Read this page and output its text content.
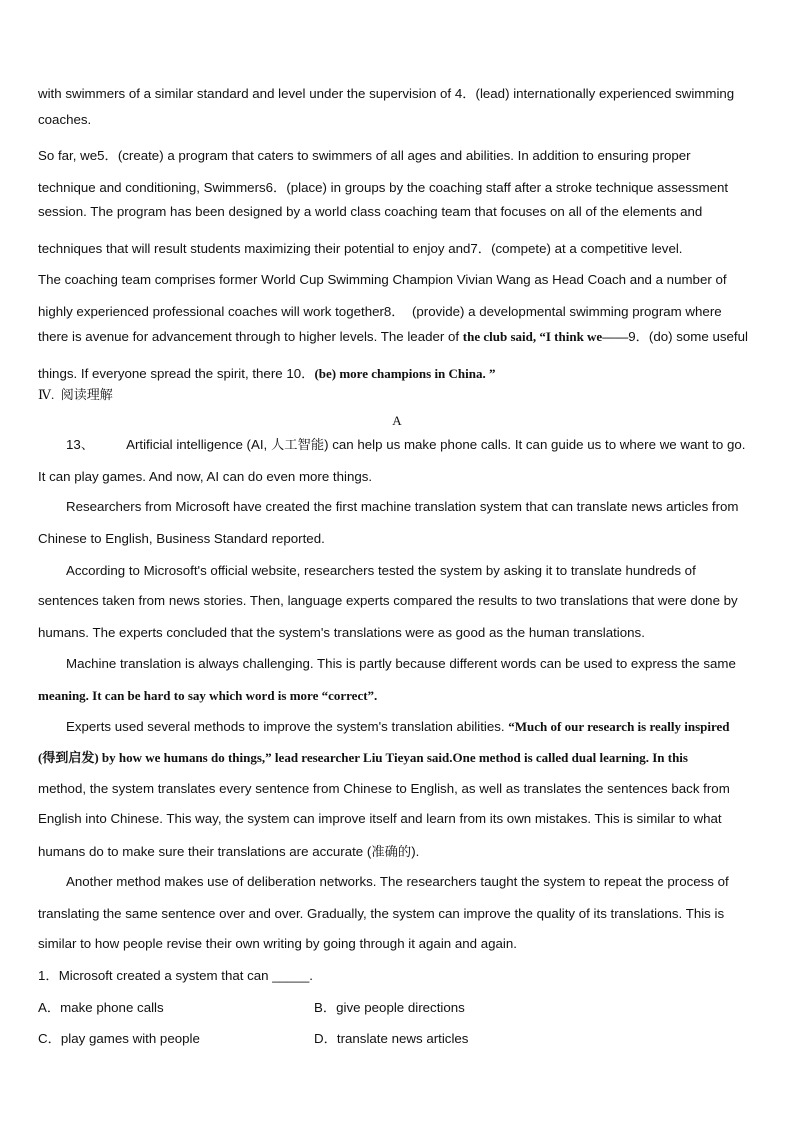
with swimmers of a similar standard and level under the supervision of 4．(lead) internationally experienced swimming
coaches.
So far, we5．(create) a program that caters to swimmers of all ages and abilities. In addition to ensuring proper
technique and conditioning, Swimmers6．(place) in groups by the coaching staff after a stroke technique assessment
session. The program has been designed by a world class coaching team that focuses on all of the elements and
techniques that will result students maximizing their potential to enjoy and7．(compete) at a competitive level.
The coaching team comprises former World Cup Swimming Champion Vivian Wang as Head Coach and a number of
highly experienced professional coaches will work together8．  (provide) a developmental swimming program where
there is avenue for advancement through to higher levels. The leader of the club said, “I think we——9．(do) some useful
things. If everyone spread the spirit, there 10．(be) more champions in China. ”
Ⅳ.  阅读理解
A
13、 Artificial intelligence (AI, 人工智能) can help us make phone calls. It can guide us to where we want to go.
It can play games. And now, AI can do even more things.
Researchers from Microsoft have created the first machine translation system that can translate news articles from
Chinese to English, Business Standard reported.
According to Microsoft's official website, researchers tested the system by asking it to translate hundreds of
sentences taken from news stories. Then, language experts compared the results to two translations that were done by
humans. The experts concluded that the system's translations were as good as the human translations.
Machine translation is always challenging. This is partly because different words can be used to express the same
meaning. It can be hard to say which word is more “correct”.
Experts used several methods to improve the system's translation abilities. “Much of our research is really inspired
(得到启发) by how we humans do things,” lead researcher Liu Tieyan said.One method is called dual learning. In this
method, the system translates every sentence from Chinese to English, as well as translates the sentences back from
English into Chinese. This way, the system can improve itself and learn from its own mistakes. This is similar to what
humans do to make sure their translations are accurate (准确的).
Another method makes use of deliberation networks. The researchers taught the system to repeat the process of
translating the same sentence over and over. Gradually, the system can improve the quality of its translations. This is
similar to how people revise their own writing by going through it again and again.
1．Microsoft created a system that can _____.
A．make phone calls	B．give people directions
C．play games with people	D．translate news articles
